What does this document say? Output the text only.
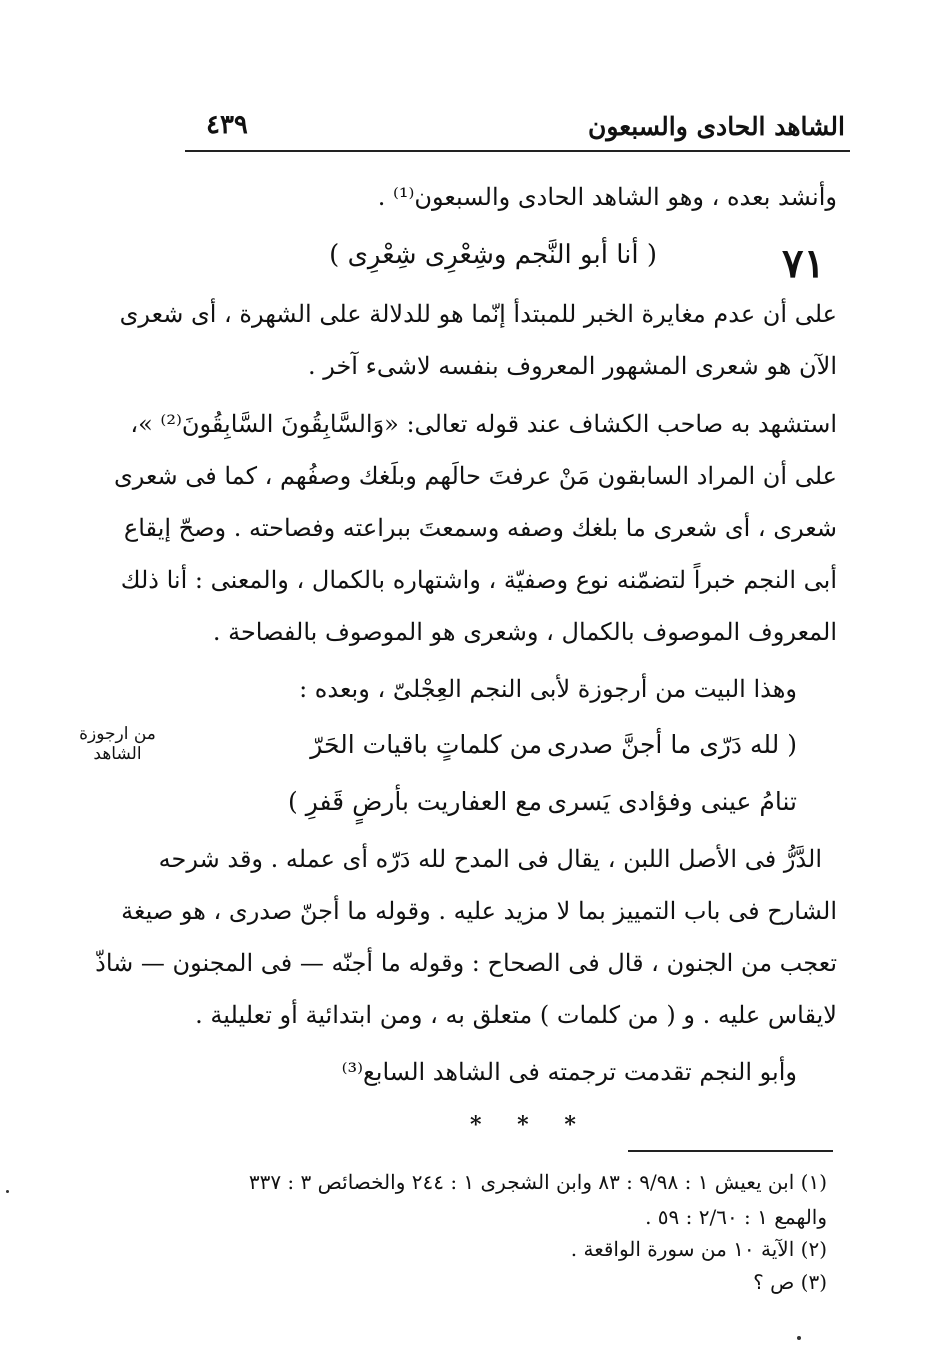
الشاهد الحادى والسبعون
٤٣٩
وأنشد بعده ، وهو الشاهد الحادى والسبعون⁽¹⁾ .
٧١
( أنا أبو النَّجم وشِعْرِى شِعْرِى )
على أن عدم مغايرة الخبر للمبتدأ إنّما هو للدلالة على الشهرة ، أى شعرى
الآن هو شعرى المشهور المعروف بنفسه لاشىء آخر .
استشهد به صاحب الكشاف عند قوله تعالى: «وَالسَّابِقُونَ السَّابِقُونَ⁽²⁾ »،
على أن المراد السابقون مَنْ عرفتَ حالَهم وبلَغك وصفُهم ، كما فى شعرى
شعرى ، أى شعرى ما بلغك وصفه وسمعتَ ببراعته وفصاحته . وصحّ إيقاع
أبى النجم خبراً لتضمّنه نوع وصفيّة ، واشتهاره بالكمال ، والمعنى : أنا ذلك
المعروف الموصوف بالكمال ، وشعرى هو الموصوف بالفصاحة .
وهذا البيت من أرجوزة لأبى النجم العِجْلىّ ، وبعده :
من ارجوزة
الشاهد	( لله دَرّى ما أجنَّ صدرى
من كلماتٍ باقيات الحَرّ
تنامُ عينى وفؤادى يَسرى
مع العفاريت بأرضٍ قَفرِ )
الدَّرُّ فى الأصل اللبن ، يقال فى المدح لله دَرّه أى عمله . وقد شرحه
الشارح فى باب التمييز بما لا مزيد عليه . وقوله ما أجنّ صدرى ، هو صيغة
تعجب من الجنون ، قال فى الصحاح : وقوله ما أجنّه — فى المجنون — شاذّ
لايقاس عليه . و ( من كلمات ) متعلق به ، ومن ابتدائية أو تعليلية .
وأبو النجم تقدمت ترجمته فى الشاهد السابع⁽³⁾
* * *
(١) ابن يعيش ١ : ٩/٩٨ : ٨٣ وابن الشجرى ١ : ٢٤٤ والخصائص ٣ : ٣٣٧
والهمع ١ : ٢/٦٠ : ٥٩ .
(٢) الآية ١٠ من سورة الواقعة .
(٣) ص ؟
